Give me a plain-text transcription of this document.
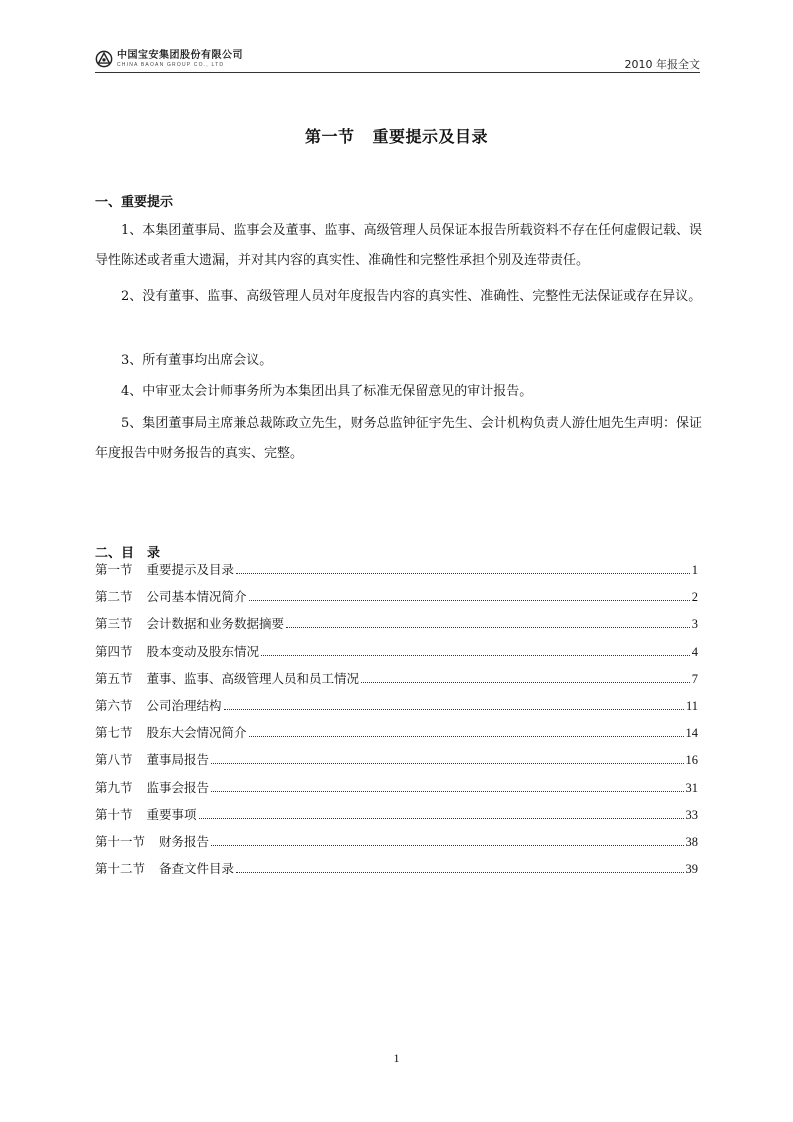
中国宝安集团股份有限公司
CHINA BAOAN GROUP CO., LTD	2010 年报全文
第一节 重要提示及目录
一、重要提示

1、本集团董事局、监事会及董事、监事、高级管理人员保证本报告所载资料不存在任何虚假记载、误导性陈述或者重大遗漏，并对其内容的真实性、准确性和完整性承担个别及连带责任。

2、没有董事、监事、高级管理人员对年度报告内容的真实性、准确性、完整性无法保证或存在异议。

3、所有董事均出席会议。

4、中审亚太会计师事务所为本集团出具了标准无保留意见的审计报告。

5、集团董事局主席兼总裁陈政立先生，财务总监钟征宇先生、会计机构负责人游仕旭先生声明：保证年度报告中财务报告的真实、完整。

二、目　录
第一节	重要提示及目录	1
第二节	公司基本情况简介	2
第三节	会计数据和业务数据摘要	3
第四节	股本变动及股东情况	4
第五节	董事、监事、高级管理人员和员工情况	7
第六节	公司治理结构	11
第七节	股东大会情况简介	14
第八节	董事局报告	16
第九节	监事会报告	31
第十节	重要事项	33
第十一节	财务报告	38
第十二节	备查文件目录	39
1
